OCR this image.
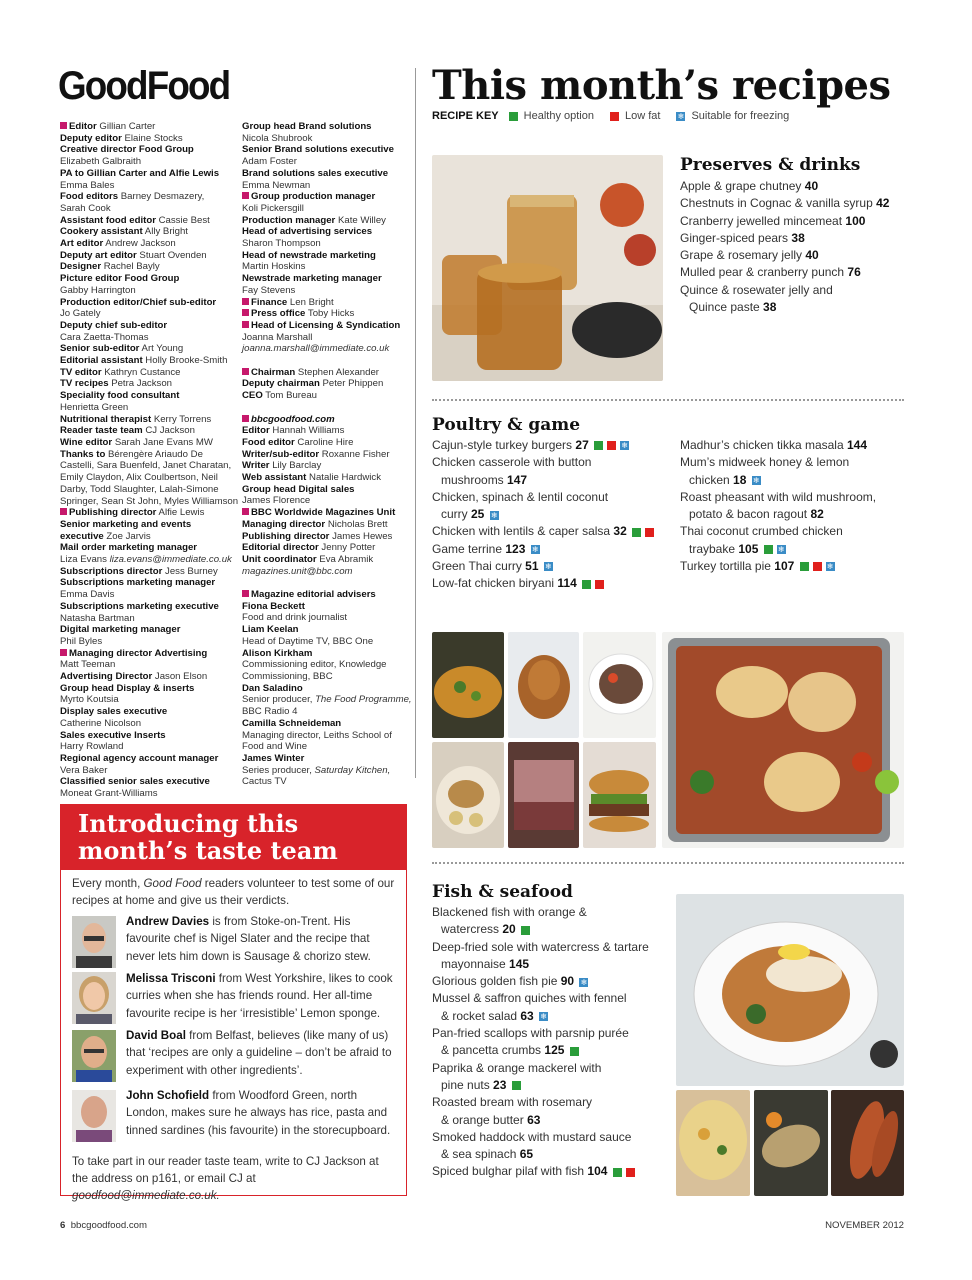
GoodFood	This month’s recipes
RECIPE KEY Healthy option	Low fat ❄ Suitable for freezing
Editor Gillian Carter
Deputy editor Elaine Stocks
Creative director Food Group
Elizabeth Galbraith
PA to Gillian Carter and Alfie Lewis
Emma Bales
Food editors Barney Desmazery,
Sarah Cook
Assistant food editor Cassie Best
Cookery assistant Ally Bright
Art editor Andrew Jackson
Deputy art editor Stuart Ovenden
Designer Rachel Bayly
Picture editor Food Group
Gabby Harrington
Production editor/Chief sub-editor
Jo Gately
Deputy chief sub-editor
Cara Zaetta-Thomas
Senior sub-editor Art Young
Editorial assistant Holly Brooke-Smith
TV editor Kathryn Custance
TV recipes Petra Jackson
Speciality food consultant
Henrietta Green
Nutritional therapist Kerry Torrens
Reader taste team CJ Jackson
Wine editor Sarah Jane Evans MW
Thanks to Bérengère Ariaudo De
Castelli, Sara Buenfeld, Janet Charatan,
Emily Claydon, Alix Coulbertson, Neil
Darby, Todd Slaughter, Lalah-Simone
Springer, Sean St John, Myles Williamson
Publishing director Alfie Lewis
Senior marketing and events
executive Zoe Jarvis
Mail order marketing manager
Liza Evans liza.evans@immediate.co.uk
Subscriptions director Jess Burney
Subscriptions marketing manager
Emma Davis
Subscriptions marketing executive
Natasha Bartman
Digital marketing manager
Phil Byles
Managing director Advertising
Matt Teeman
Advertising Director Jason Elson
Group head Display & inserts
Myrto Koutsia
Display sales executive
Catherine Nicolson
Sales executive Inserts
Harry Rowland
Regional agency account manager
Vera Baker
Classified senior sales executive
Moneat Grant-Williams
Group head Brand solutions
Nicola Shubrook
Senior Brand solutions executive
Adam Foster
Brand solutions sales executive
Emma Newman
Group production manager
Koli Pickersgill
Production manager Kate Willey
Head of advertising services
Sharon Thompson
Head of newstrade marketing
Martin Hoskins
Newstrade marketing manager
Fay Stevens
Finance Len Bright
Press office Toby Hicks
Head of Licensing & Syndication
Joanna Marshall
joanna.marshall@immediate.co.uk
Chairman Stephen Alexander
Deputy chairman Peter Phippen
CEO Tom Bureau
bbcgoodfood.com
Editor Hannah Williams
Food editor Caroline Hire
Writer/sub-editor Roxanne Fisher
Writer Lily Barclay
Web assistant Natalie Hardwick
Group head Digital sales
James Florence
BBC Worldwide Magazines Unit
Managing director Nicholas Brett
Publishing director James Hewes
Editorial director Jenny Potter
Unit coordinator Eva Abramik
magazines.unit@bbc.com
Magazine editorial advisers
Fiona Beckett
Food and drink journalist
Liam Keelan
Head of Daytime TV, BBC One
Alison Kirkham
Commissioning editor, Knowledge
Commissioning, BBC
Dan Saladino
Senior producer, The Food Programme,
BBC Radio 4
Camilla Schneideman
Managing director, Leiths School of
Food and Wine
James Winter
Series producer, Saturday Kitchen,
Cactus TV
Preserves & drinks
Apple & grape chutney 40
Chestnuts in Cognac & vanilla syrup 42
Cranberry jewelled mincemeat 100
Ginger-spiced pears 38
Grape & rosemary jelly 40
Mulled pear & cranberry punch 76
Quince & rosewater jelly and
Quince paste 38
Poultry & game
Cajun-style turkey burgers 27	❄
Chicken casserole with button
mushrooms 147
Chicken, spinach & lentil coconut
curry 25 ❄
Chicken with lentils & caper salsa 32
Game terrine 123 ❄
Green Thai curry 51 ❄
Low-fat chicken biryani 114
Madhur’s chicken tikka masala 144
Mum’s midweek honey & lemon
chicken 18 ❄
Roast pheasant with wild mushroom,
potato & bacon ragout 82
Thai coconut crumbed chicken
traybake 105 ❄
Turkey tortilla pie 107	❄
Fish & seafood
Blackened fish with orange &
watercress 20
Deep-fried sole with watercress & tartare
mayonnaise 145
Glorious golden fish pie 90 ❄
Mussel & saffron quiches with fennel
& rocket salad 63 ❄
Pan-fried scallops with parsnip purée
& pancetta crumbs 125
Paprika & orange mackerel with
pine nuts 23
Roasted bream with rosemary
& orange butter 63
Smoked haddock with mustard sauce
& sea spinach 65
Spiced bulghar pilaf with fish 104
Introducing this
month’s taste team
Every month, Good Food readers volunteer to test some of our recipes at home and give us their verdicts.
Andrew Davies is from Stoke-on-Trent. His favourite chef is Nigel Slater and the recipe that never lets him down is Sausage & chorizo stew.
Melissa Trisconi from West Yorkshire, likes to cook curries when she has friends round. Her all-time favourite recipe is her ‘irresistible’ Lemon sponge.
David Boal from Belfast, believes (like many of us) that ‘recipes are only a guideline – don’t be afraid to experiment with other ingredients’.
John Schofield from Woodford Green, north London, makes sure he always has rice, pasta and tinned sardines (his favourite) in the storecupboard.
To take part in our reader taste team, write to CJ Jackson at the address on p161, or email CJ at goodfood@immediate.co.uk.
6 bbcgoodfood.com	NOVEMBER 2012
